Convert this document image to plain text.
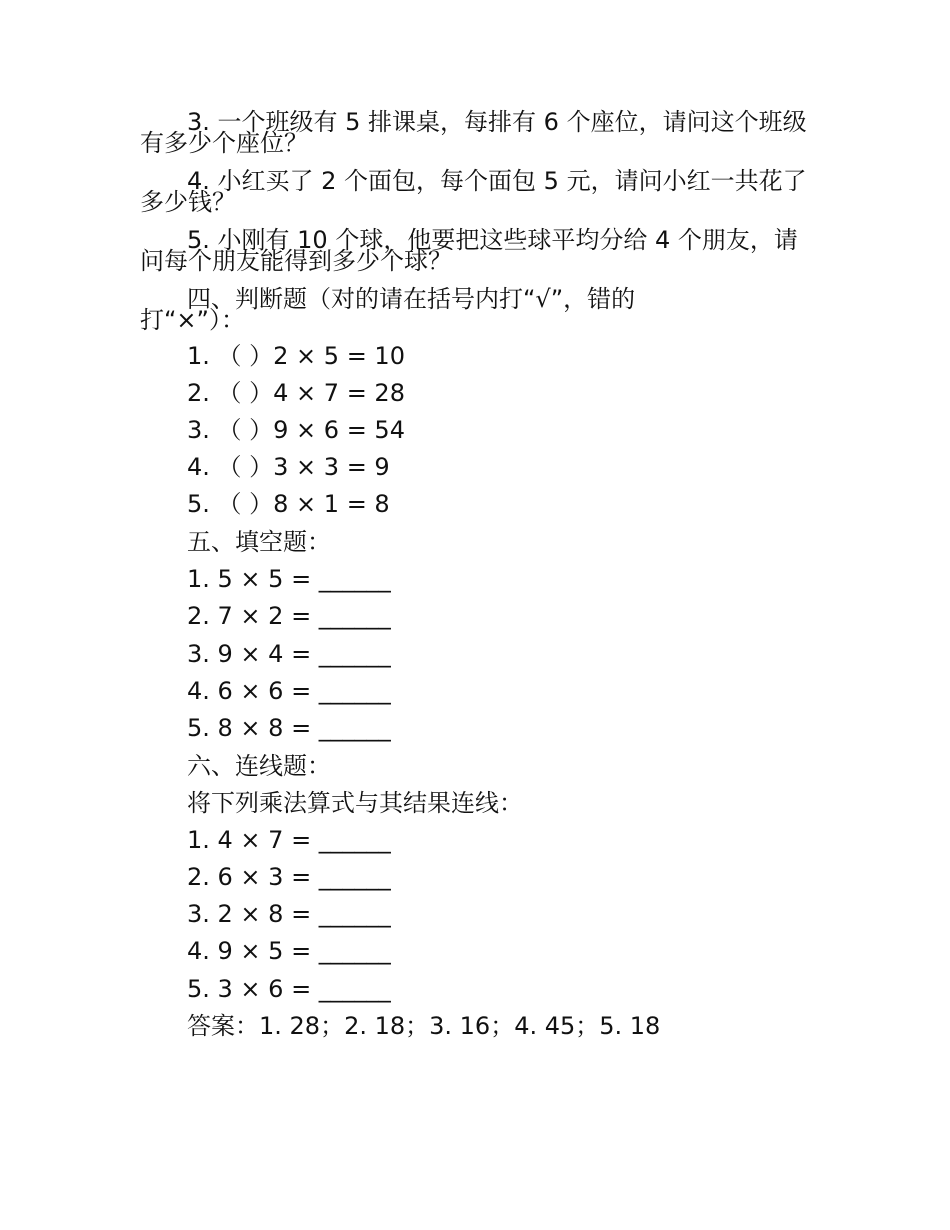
3. 一个班级有 5 排课桌，每排有 6 个座位，请问这个班级
有多少个座位？
4. 小红买了 2 个面包，每个面包 5 元，请问小红一共花了
多少钱？
5. 小刚有 10 个球，他要把这些球平均分给 4 个朋友，请
问每个朋友能得到多少个球？
四、判断题（对的请在括号内打“√”，错的
打“×”）：
1. （ ）2 × 5 = 10
2. （ ）4 × 7 = 28
3. （ ）9 × 6 = 54
4. （ ）3 × 3 = 9
5. （ ）8 × 1 = 8
五、填空题：
1. 5 × 5 = ______
2. 7 × 2 = ______
3. 9 × 4 = ______
4. 6 × 6 = ______
5. 8 × 8 = ______
六、连线题：
将下列乘法算式与其结果连线：
1. 4 × 7 = ______
2. 6 × 3 = ______
3. 2 × 8 = ______
4. 9 × 5 = ______
5. 3 × 6 = ______
答案：1. 28；2. 18；3. 16；4. 45；5. 18
